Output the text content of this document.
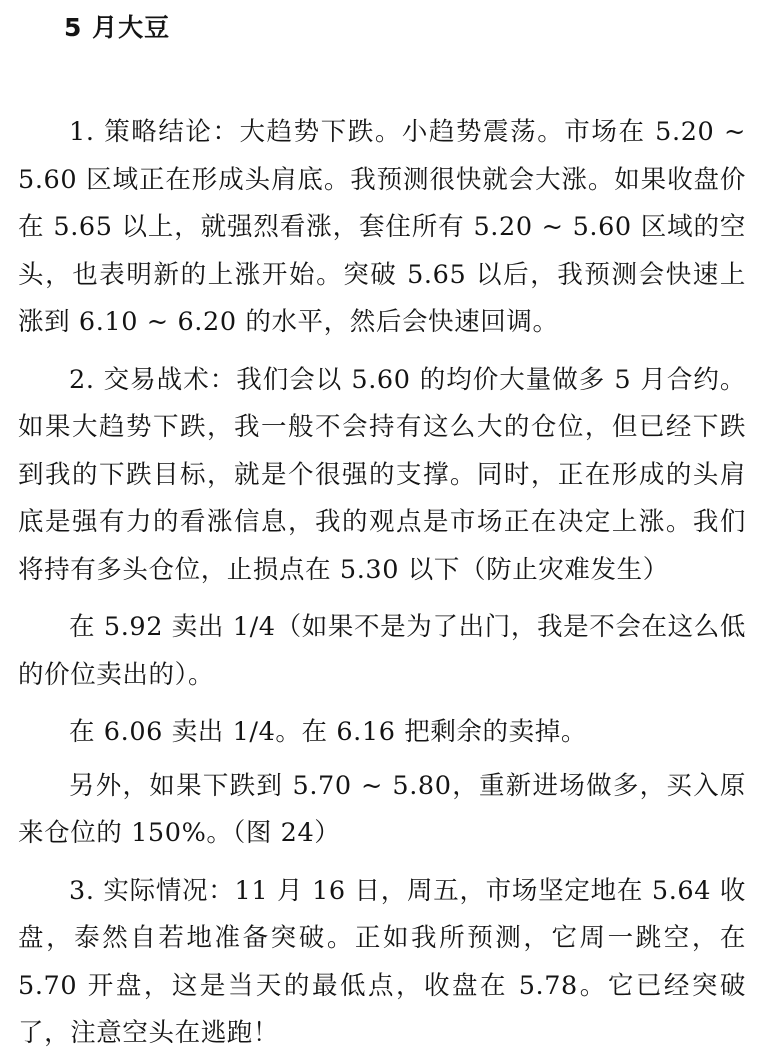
5 月大豆

1. 策略结论：大趋势下跌。小趋势震荡。市场在 5.20 ~ 5.60 区域正在形成头肩底。我预测很快就会大涨。如果收盘价在 5.65 以上，就强烈看涨，套住所有 5.20 ~ 5.60 区域的空头，也表明新的上涨开始。突破 5.65 以后，我预测会快速上涨到 6.10 ~ 6.20 的水平，然后会快速回调。

2. 交易战术：我们会以 5.60 的均价大量做多 5 月合约。如果大趋势下跌，我一般不会持有这么大的仓位，但已经下跌到我的下跌目标，就是个很强的支撑。同时，正在形成的头肩底是强有力的看涨信息，我的观点是市场正在决定上涨。我们将持有多头仓位，止损点在 5.30 以下（防止灾难发生）

在 5.92 卖出 1/4（如果不是为了出门，我是不会在这么低的价位卖出的）。

在 6.06 卖出 1/4。在 6.16 把剩余的卖掉。

另外，如果下跌到 5.70 ~ 5.80，重新进场做多，买入原来仓位的 150%。（图 24）

3. 实际情况：11 月 16 日，周五，市场坚定地在 5.64 收盘，泰然自若地准备突破。正如我所预测，它周一跳空，在 5.70 开盘，这是当天的最低点，收盘在 5.78。它已经突破了，注意空头在逃跑！
